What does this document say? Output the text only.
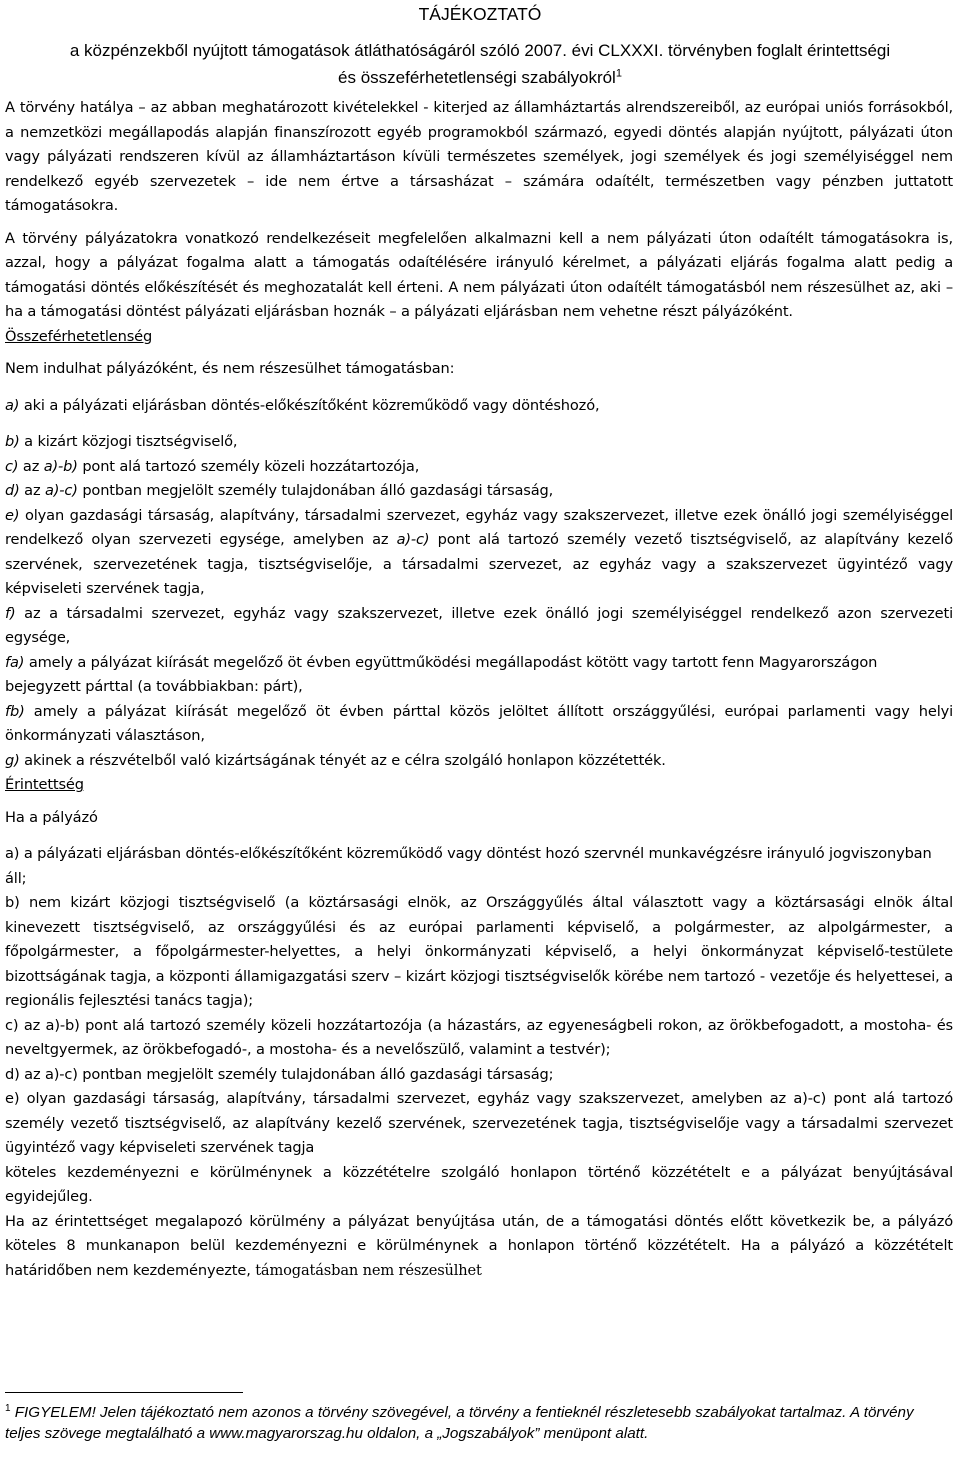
TÁJÉKOZTATÓ
a közpénzekből nyújtott támogatások átláthatóságáról szóló 2007. évi CLXXXI. törvényben foglalt érintettségi
és összeférhetetlenségi szabályokról$^1$

A törvény hatálya – az abban meghatározott kivételekkel - kiterjed az államháztartás alrendszereiből, az európai uniós forrásokból, a nemzetközi megállapodás alapján finanszírozott egyéb programokból származó, egyedi döntés alapján nyújtott, pályázati úton vagy pályázati rendszeren kívül az államháztartáson kívüli természetes személyek, jogi személyek és jogi személyiséggel nem rendelkező egyéb szervezetek – ide nem értve a társasházat – számára odaítélt, természetben vagy pénzben juttatott támogatásokra.

A törvény pályázatokra vonatkozó rendelkezéseit megfelelően alkalmazni kell a nem pályázati úton odaítélt támogatásokra is, azzal, hogy a pályázat fogalma alatt a támogatás odaítélésére irányuló kérelmet, a pályázati eljárás fogalma alatt pedig a támogatási döntés előkészítését és meghozatalát kell érteni. A nem pályázati úton odaítélt támogatásból nem részesülhet az, aki – ha a támogatási döntést pályázati eljárásban hoznák – a pályázati eljárásban nem vehetne részt pályázóként.

Összeférhetetlenség

Nem indulhat pályázóként, és nem részesülhet támogatásban:

a) aki a pályázati eljárásban döntés-előkészítőként közreműködő vagy döntéshozó,

b) a kizárt közjogi tisztségviselő,

c) az a)-b) pont alá tartozó személy közeli hozzátartozója,

d) az a)-c) pontban megjelölt személy tulajdonában álló gazdasági társaság,

e) olyan gazdasági társaság, alapítvány, társadalmi szervezet, egyház vagy szakszervezet, illetve ezek önálló jogi személyiséggel rendelkező olyan szervezeti egysége, amelyben az a)-c) pont alá tartozó személy vezető tisztségviselő, az alapítvány kezelő szervének, szervezetének tagja, tisztségviselője, a társadalmi szervezet, az egyház vagy a szakszervezet ügyintéző vagy képviseleti szervének tagja,

f) az a társadalmi szervezet, egyház vagy szakszervezet, illetve ezek önálló jogi személyiséggel rendelkező azon szervezeti egysége,

fa) amely a pályázat kiírását megelőző öt évben együttműködési megállapodást kötött vagy tartott fenn Magyarországon bejegyzett párttal (a továbbiakban: párt),

fb) amely a pályázat kiírását megelőző öt évben párttal közös jelöltet állított országgyűlési, európai parlamenti vagy helyi önkormányzati választáson,

g) akinek a részvételből való kizártságának tényét az e célra szolgáló honlapon közzétették.

Érintettség

Ha a pályázó

a) a pályázati eljárásban döntés-előkészítőként közreműködő vagy döntést hozó szervnél munkavégzésre irányuló jogviszonyban áll;

b) nem kizárt közjogi tisztségviselő (a köztársasági elnök, az Országgyűlés által választott vagy a köztársasági elnök által kinevezett tisztségviselő, az országgyűlési és az európai parlamenti képviselő, a polgármester, az alpolgármester, a főpolgármester, a főpolgármester-helyettes, a helyi önkormányzati képviselő, a helyi önkormányzat képviselő-testülete bizottságának tagja, a központi államigazgatási szerv – kizárt közjogi tisztségviselők körébe nem tartozó - vezetője és helyettesei, a regionális fejlesztési tanács tagja);

c) az a)-b) pont alá tartozó személy közeli hozzátartozója (a házastárs, az egyeneságbeli rokon, az örökbefogadott, a mostoha- és neveltgyermek, az örökbefogadó-, a mostoha- és a nevelőszülő, valamint a testvér);

d) az a)-c) pontban megjelölt személy tulajdonában álló gazdasági társaság;

e) olyan gazdasági társaság, alapítvány, társadalmi szervezet, egyház vagy szakszervezet, amelyben az a)-c) pont alá tartozó személy vezető tisztségviselő, az alapítvány kezelő szervének, szervezetének tagja, tisztségviselője vagy a társadalmi szervezet ügyintéző vagy képviseleti szervének tagja

köteles kezdeményezni e körülménynek a közzétételre szolgáló honlapon történő közzétételt e a pályázat benyújtásával egyidejűleg.

Ha az érintettséget megalapozó körülmény a pályázat benyújtása után, de a támogatási döntés előtt következik be, a pályázó köteles 8 munkanapon belül kezdeményezni e körülménynek a honlapon történő közzétételt. Ha a pályázó a közzétételt határidőben nem kezdeményezte, támogatásban nem részesülhet

$^1$ FIGYELEM! Jelen tájékoztató nem azonos a törvény szövegével, a törvény a fentieknél részletesebb szabályokat tartalmaz. A törvény teljes szövege megtalálható a www.magyarorszag.hu oldalon, a „Jogszabályok” menüpont alatt.
